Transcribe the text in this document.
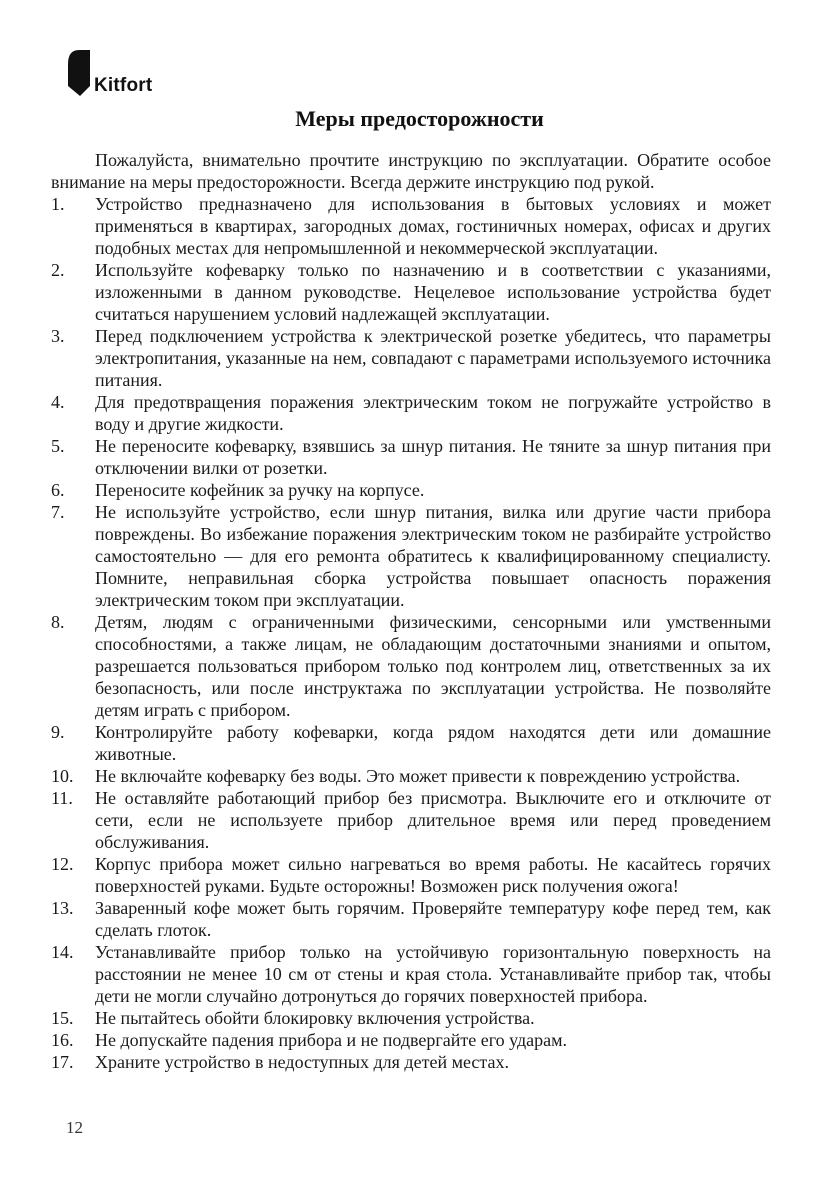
Kitfort
Меры предосторожности

Пожалуйста, внимательно прочтите инструкцию по эксплуатации. Обратите особое внимание на меры предосторожности. Всегда держите инструкцию под рукой.

1.	Устройство предназначено для использования в бытовых условиях и может применяться в квартирах, загородных домах, гостиничных номерах, офисах и других подобных местах для непромышленной и некоммерческой эксплуатации.
2.	Используйте кофеварку только по назначению и в соответствии с указаниями, изложенными в данном руководстве. Нецелевое использование устройства будет считаться нарушением условий надлежащей эксплуатации.
3.	Перед подключением устройства к электрической розетке убедитесь, что параметры электропитания, указанные на нем, совпадают с параметрами используемого источника питания.
4.	Для предотвращения поражения электрическим током не погружайте устройство в воду и другие жидкости.
5.	Не переносите кофеварку, взявшись за шнур питания. Не тяните за шнур питания при отключении вилки от розетки.
6.	Переносите кофейник за ручку на корпусе.
7.	Не используйте устройство, если шнур питания, вилка или другие части прибора повреждены. Во избежание поражения электрическим током не разбирайте устройство самостоятельно — для его ремонта обратитесь к квалифицированному специалисту. Помните, неправильная сборка устройства повышает опасность поражения электрическим током при эксплуатации.
8.	Детям, людям с ограниченными физическими, сенсорными или умственными способностями, а также лицам, не обладающим достаточными знаниями и опытом, разрешается пользоваться прибором только под контролем лиц, ответственных за их безопасность, или после инструктажа по эксплуатации устройства. Не позволяйте детям играть с прибором.
9.	Контролируйте работу кофеварки, когда рядом находятся дети или домашние животные.
10.	Не включайте кофеварку без воды. Это может привести к повреждению устройства.
11.	Не оставляйте работающий прибор без присмотра. Выключите его и отключите от сети, если не используете прибор длительное время или перед проведением обслуживания.
12.	Корпус прибора может сильно нагреваться во время работы. Не касайтесь горячих поверхностей руками. Будьте осторожны! Возможен риск получения ожога!
13.	Заваренный кофе может быть горячим. Проверяйте температуру кофе перед тем, как сделать глоток.
14.	Устанавливайте прибор только на устойчивую горизонтальную поверхность на расстоянии не менее 10 см от стены и края стола. Устанавливайте прибор так, чтобы дети не могли случайно дотронуться до горячих поверхностей прибора.
15.	Не пытайтесь обойти блокировку включения устройства.
16.	Не допускайте падения прибора и не подвергайте его ударам.
17.	Храните устройство в недоступных для детей местах.
12
